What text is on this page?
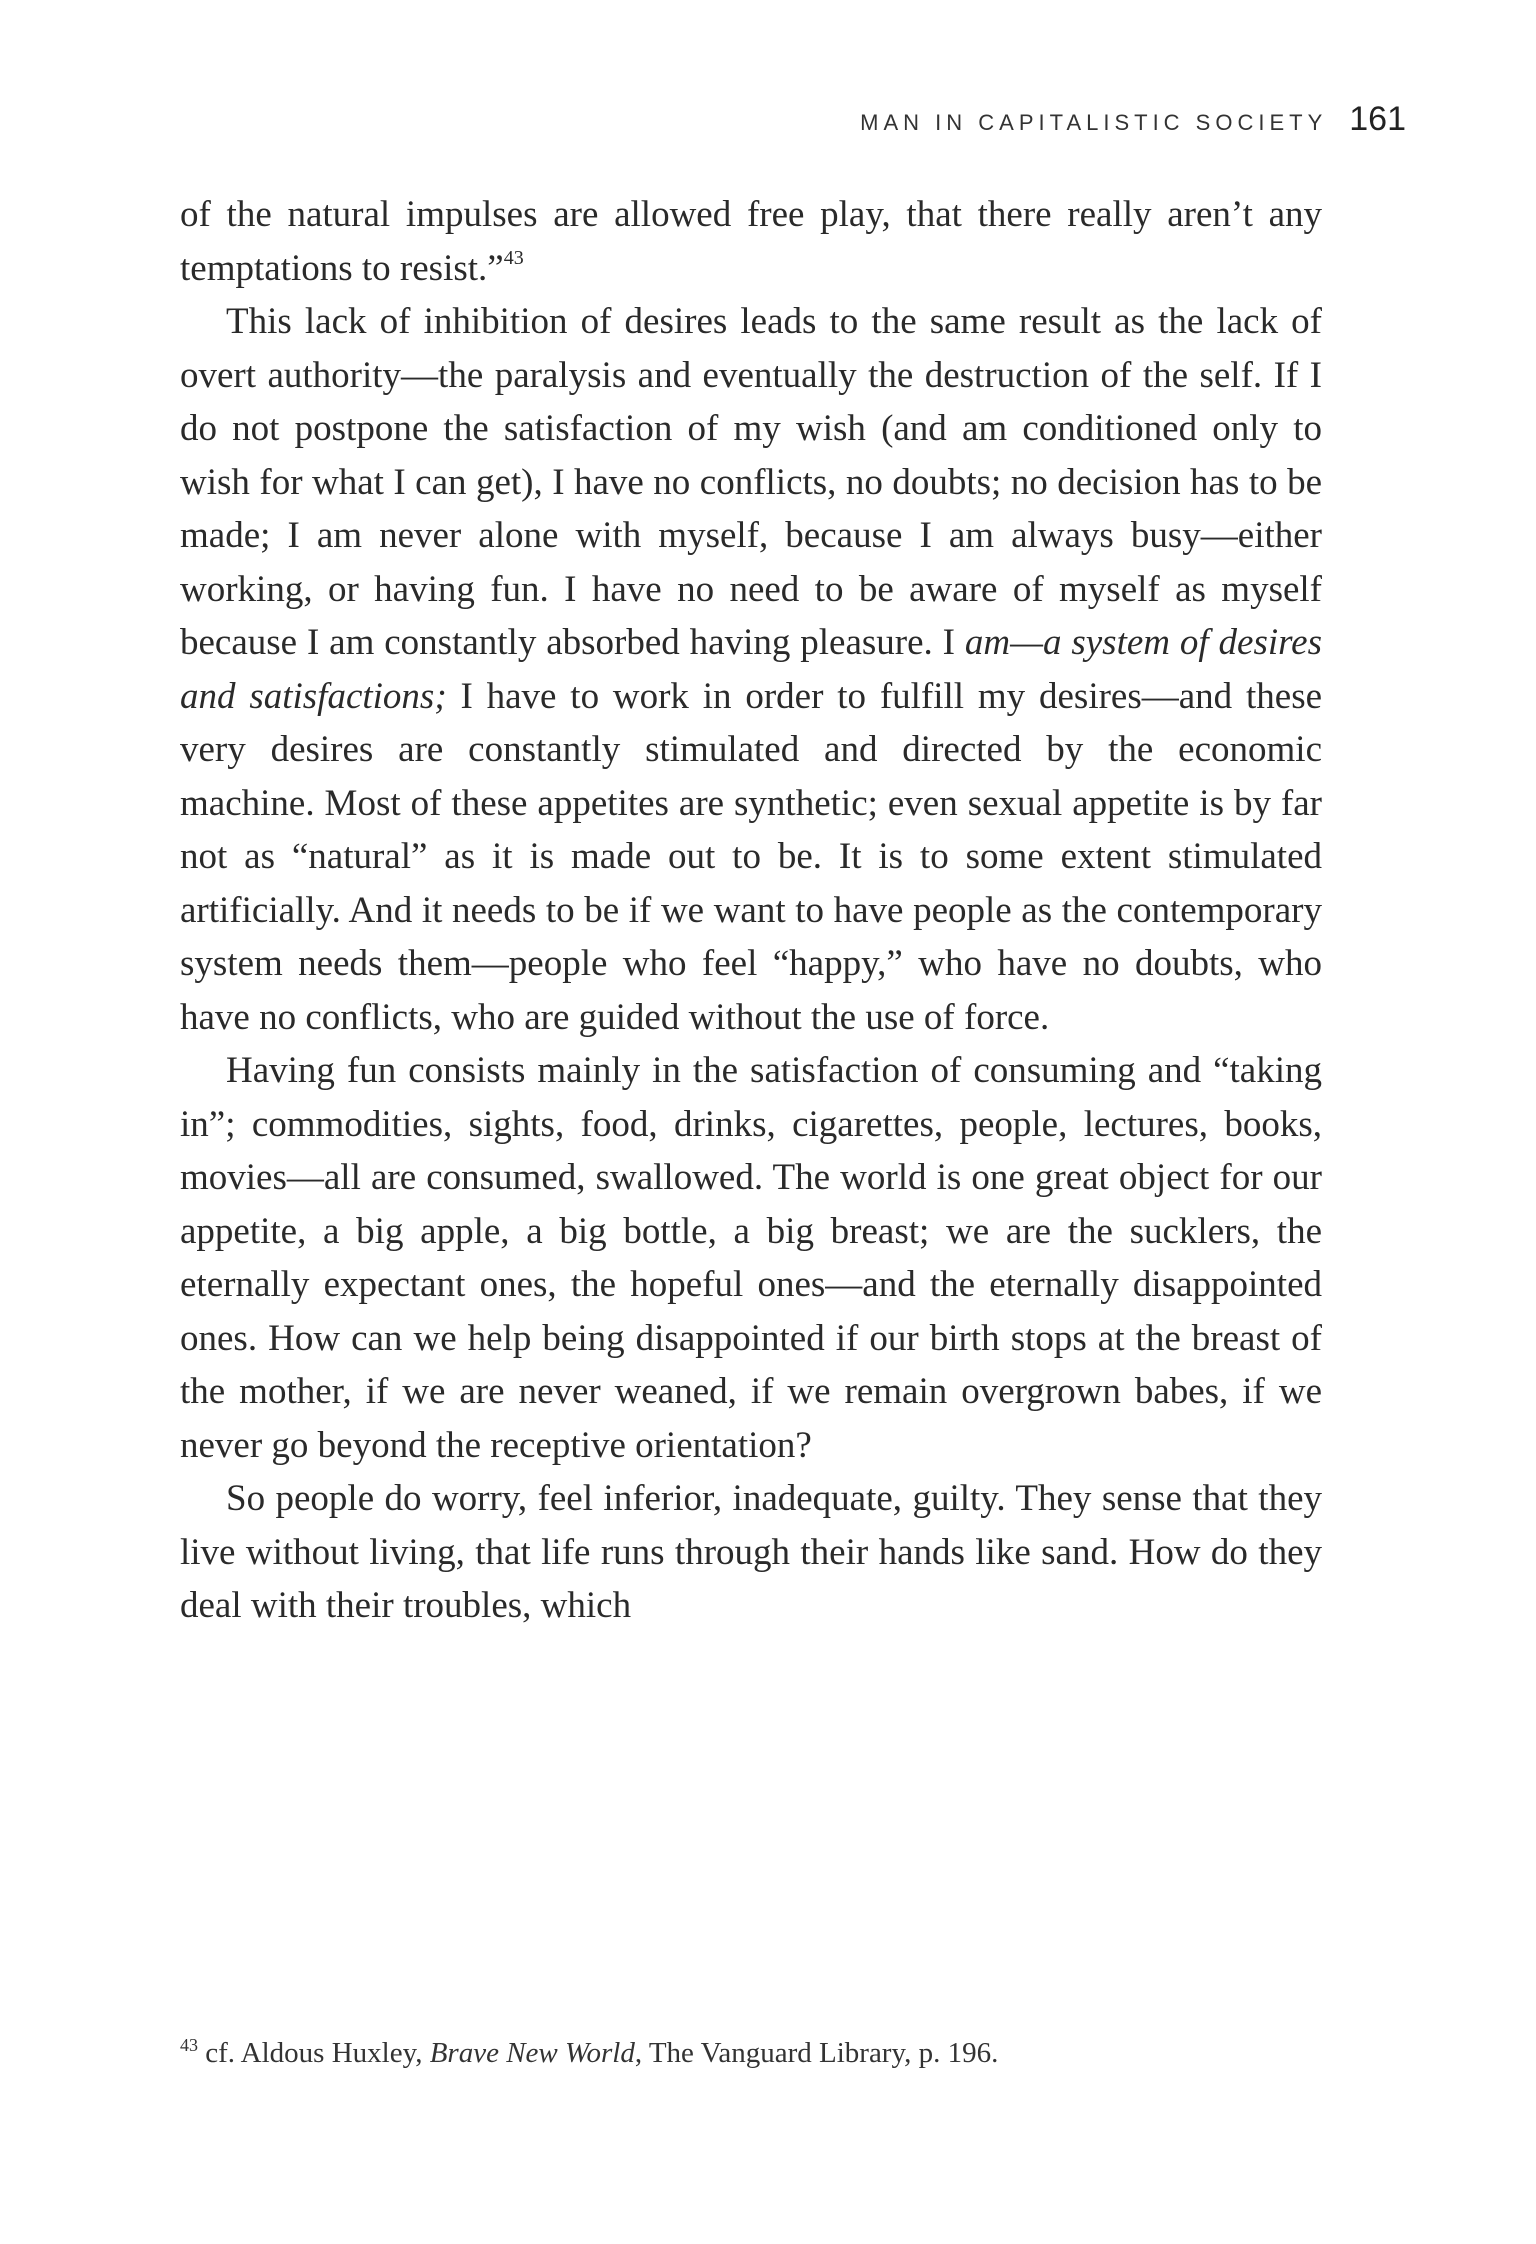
MAN IN CAPITALISTIC SOCIETY 161

of the natural impulses are allowed free play, that there really aren’t any temptations to resist.”$^{43}$

This lack of inhibition of desires leads to the same result as the lack of overt authority—the paralysis and eventually the destruction of the self. If I do not postpone the satisfaction of my wish (and am conditioned only to wish for what I can get), I have no conflicts, no doubts; no decision has to be made; I am never alone with myself, because I am always busy—either working, or having fun. I have no need to be aware of myself as myself because I am constantly absorbed having pleasure. I am—a system of desires and satisfactions; I have to work in order to fulfill my desires—and these very desires are constantly stimulated and directed by the economic machine. Most of these appetites are synthetic; even sexual appetite is by far not as “natural” as it is made out to be. It is to some extent stimulated artificially. And it needs to be if we want to have people as the contemporary system needs them—people who feel “happy,” who have no doubts, who have no conflicts, who are guided without the use of force.

Having fun consists mainly in the satisfaction of consuming and “taking in”; commodities, sights, food, drinks, cigarettes, people, lectures, books, movies—all are consumed, swallowed. The world is one great object for our appetite, a big apple, a big bottle, a big breast; we are the sucklers, the eternally expectant ones, the hopeful ones—and the eternally disappointed ones. How can we help being disappointed if our birth stops at the breast of the mother, if we are never weaned, if we remain overgrown babes, if we never go beyond the receptive orientation?

So people do worry, feel inferior, inadequate, guilty. They sense that they live without living, that life runs through their hands like sand. How do they deal with their troubles, which

$^{43}$ cf. Aldous Huxley, Brave New World, The Vanguard Library, p. 196.
